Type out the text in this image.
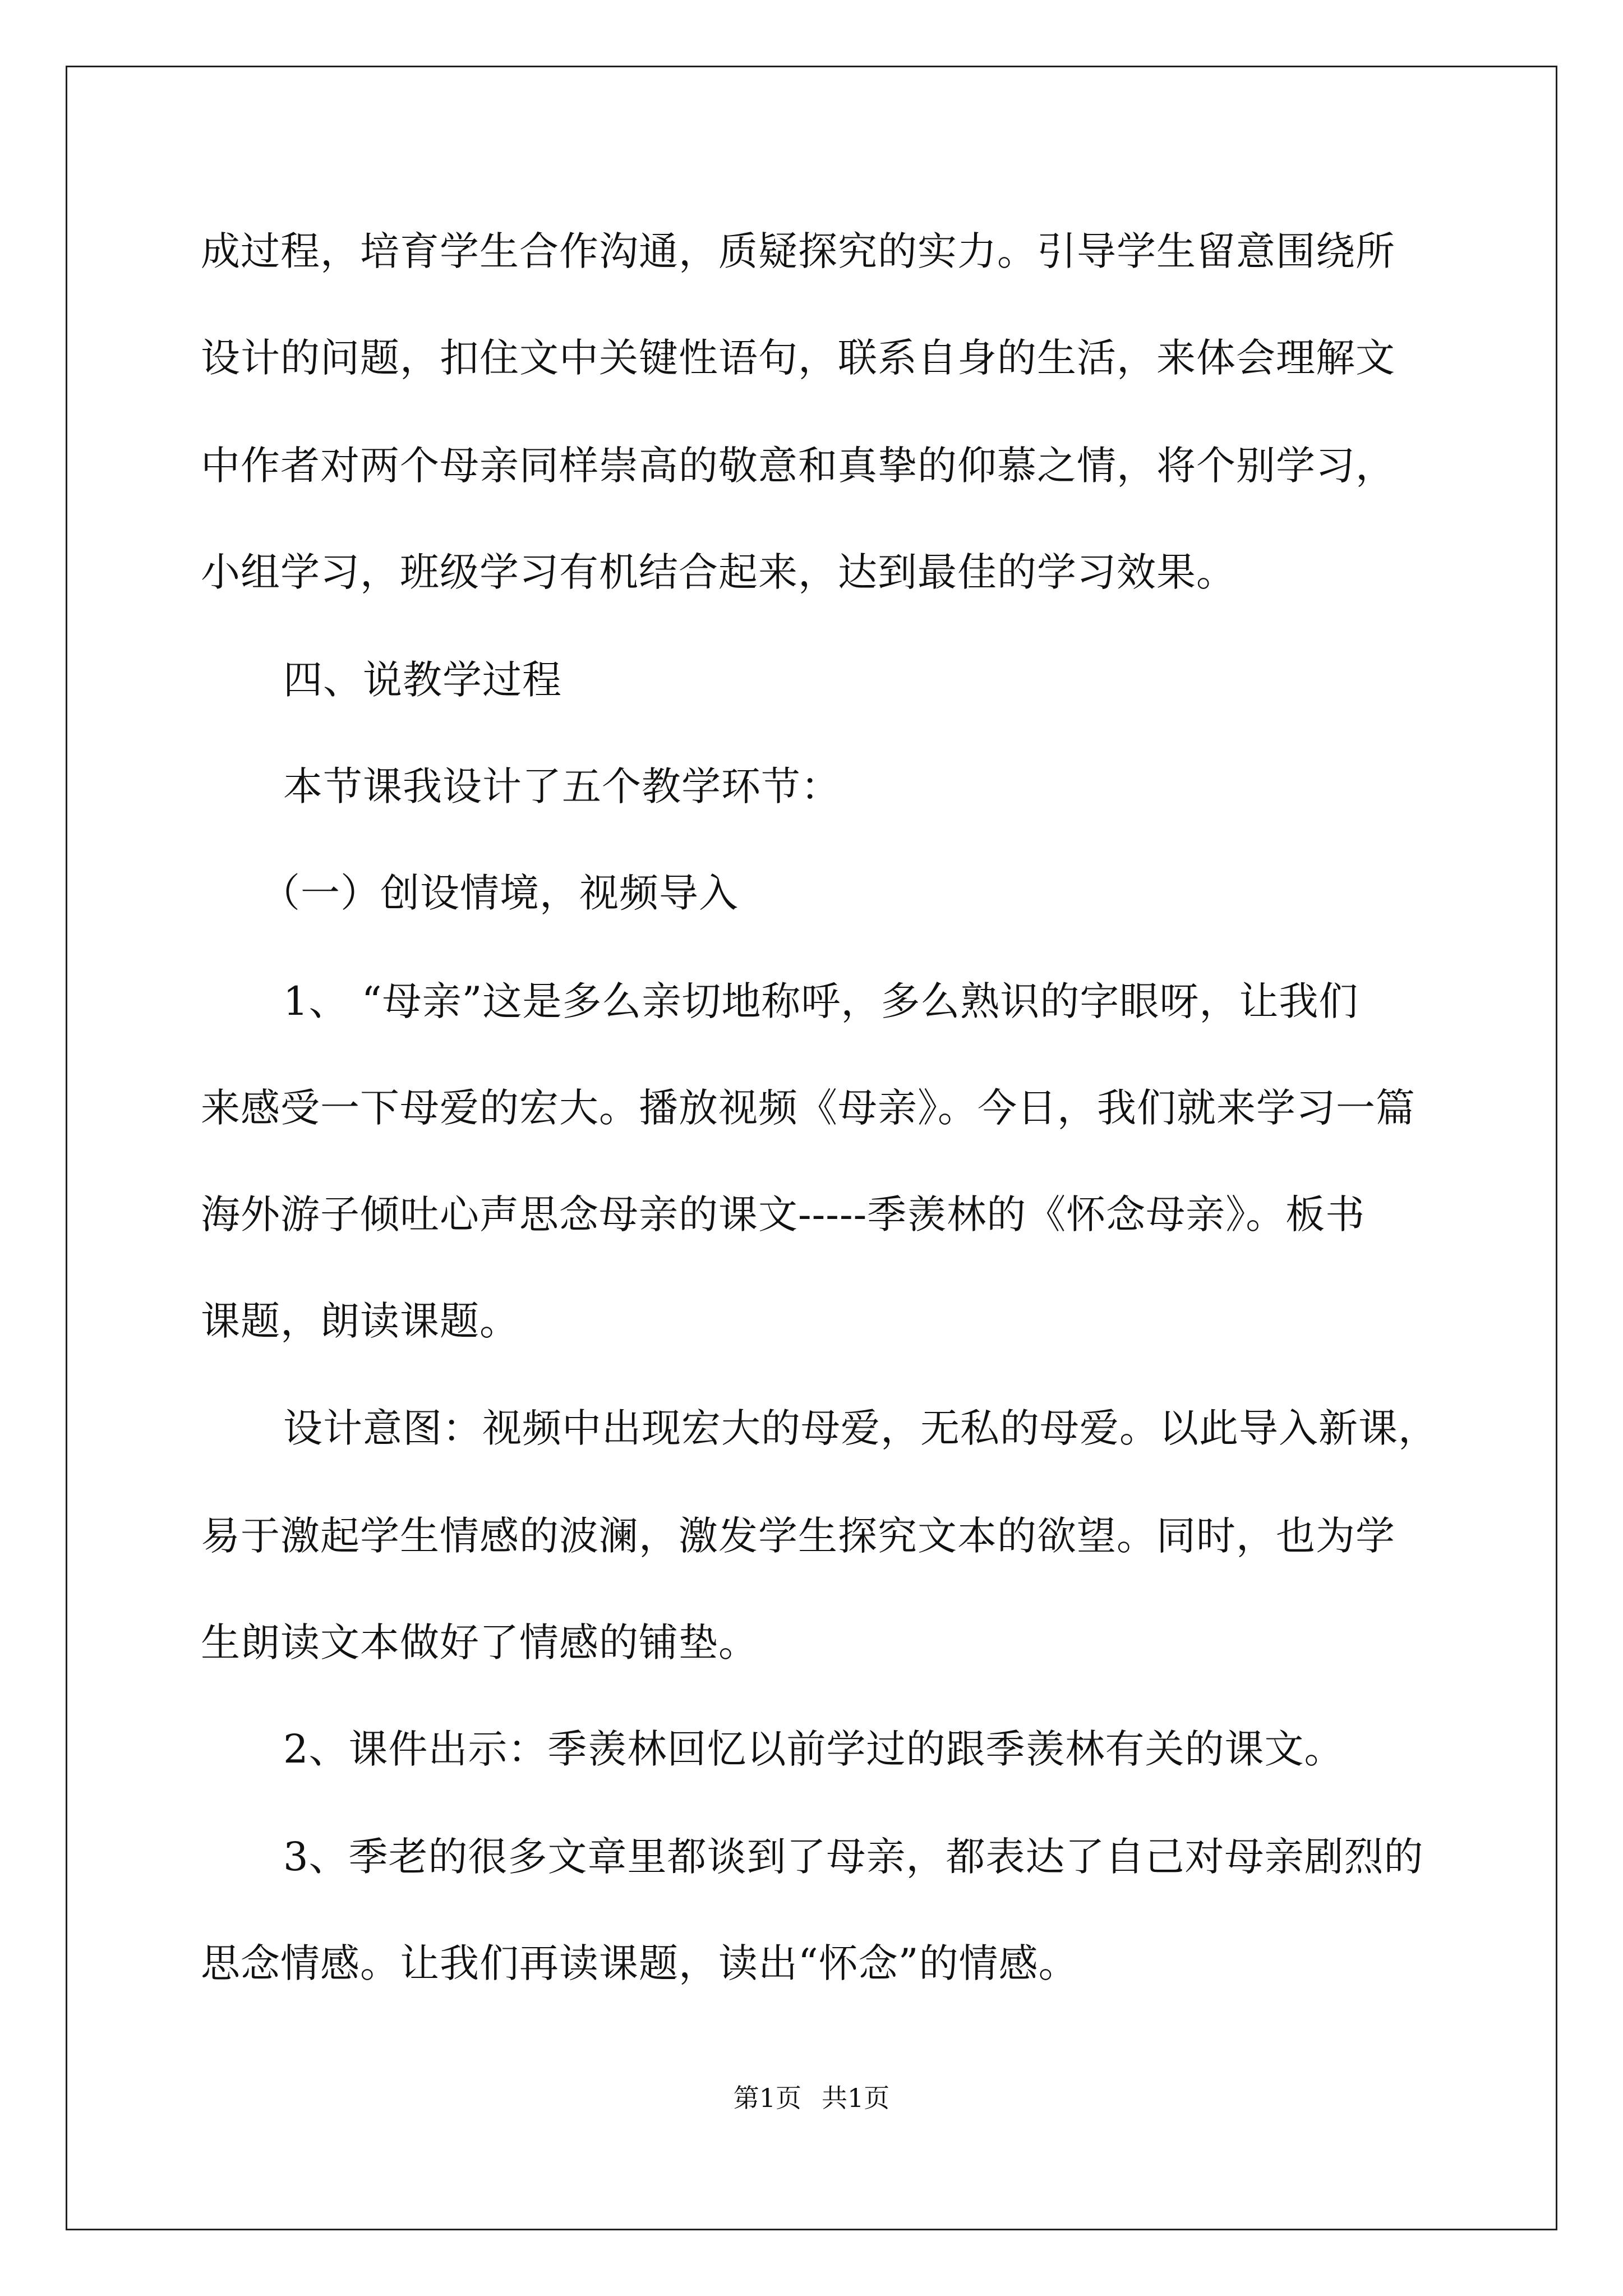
成过程，培育学生合作沟通，质疑探究的实力。引导学生留意围绕所
设计的问题，扣住文中关键性语句，联系自身的生活，来体会理解文
中作者对两个母亲同样崇高的敬意和真挚的仰慕之情，将个别学习，
小组学习，班级学习有机结合起来，达到最佳的学习效果。
四、说教学过程
本节课我设计了五个教学环节：
（一）创设情境，视频导入
1、 “母亲”这是多么亲切地称呼，多么熟识的字眼呀，让我们
来感受一下母爱的宏大。播放视频《母亲》。今日，我们就来学习一篇
海外游子倾吐心声思念母亲的课文-----季羡林的《怀念母亲》。板书
课题，朗读课题。
设计意图：视频中出现宏大的母爱，无私的母爱。以此导入新课，
易于激起学生情感的波澜，激发学生探究文本的欲望。同时，也为学
生朗读文本做好了情感的铺垫。
2、课件出示：季羡林回忆以前学过的跟季羡林有关的课文。
3、季老的很多文章里都谈到了母亲，都表达了自己对母亲剧烈的
思念情感。让我们再读课题，读出“怀念”的情感。
第1页 共1页
